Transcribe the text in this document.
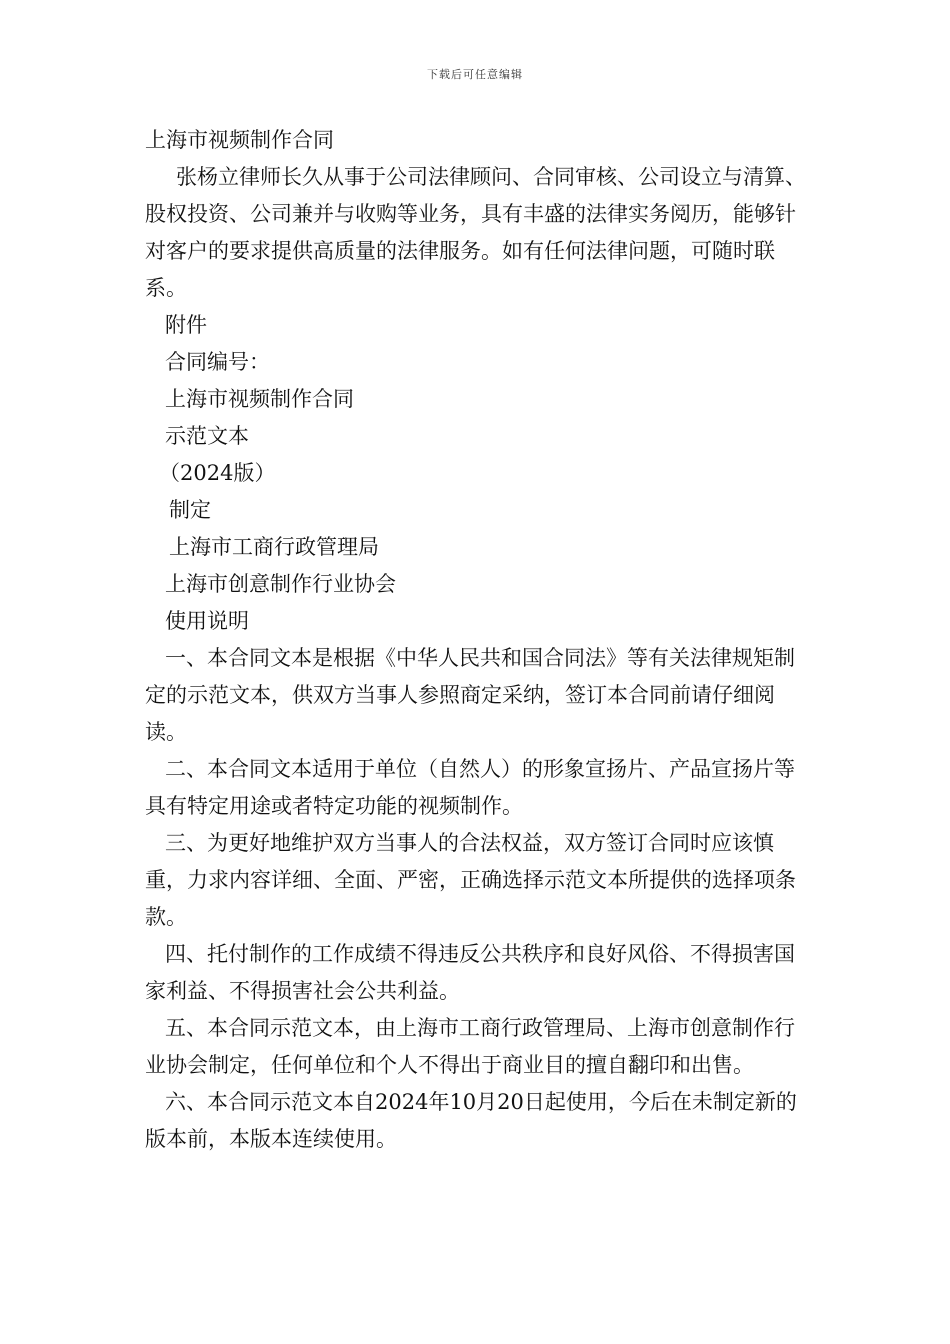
下载后可任意编辑

上海市视频制作合同

张杨立律师长久从事于公司法律顾问、合同审核、公司设立与清算、股权投资、公司兼并与收购等业务，具有丰盛的法律实务阅历，能够针对客户的要求提供高质量的法律服务。如有任何法律问题，可随时联系。

附件

合同编号：

上海市视频制作合同

示范文本

（2024版）

制定

上海市工商行政管理局

上海市创意制作行业协会

使用说明

一、本合同文本是根据《中华人民共和国合同法》等有关法律规矩制定的示范文本，供双方当事人参照商定采纳，签订本合同前请仔细阅读。

二、本合同文本适用于单位（自然人）的形象宣扬片、产品宣扬片等具有特定用途或者特定功能的视频制作。

三、为更好地维护双方当事人的合法权益，双方签订合同时应该慎重，力求内容详细、全面、严密，正确选择示范文本所提供的选择项条款。

四、托付制作的工作成绩不得违反公共秩序和良好风俗、不得损害国家利益、不得损害社会公共利益。

五、本合同示范文本，由上海市工商行政管理局、上海市创意制作行业协会制定，任何单位和个人不得出于商业目的擅自翻印和出售。

六、本合同示范文本自2024年10月20日起使用，今后在未制定新的版本前，本版本连续使用。
